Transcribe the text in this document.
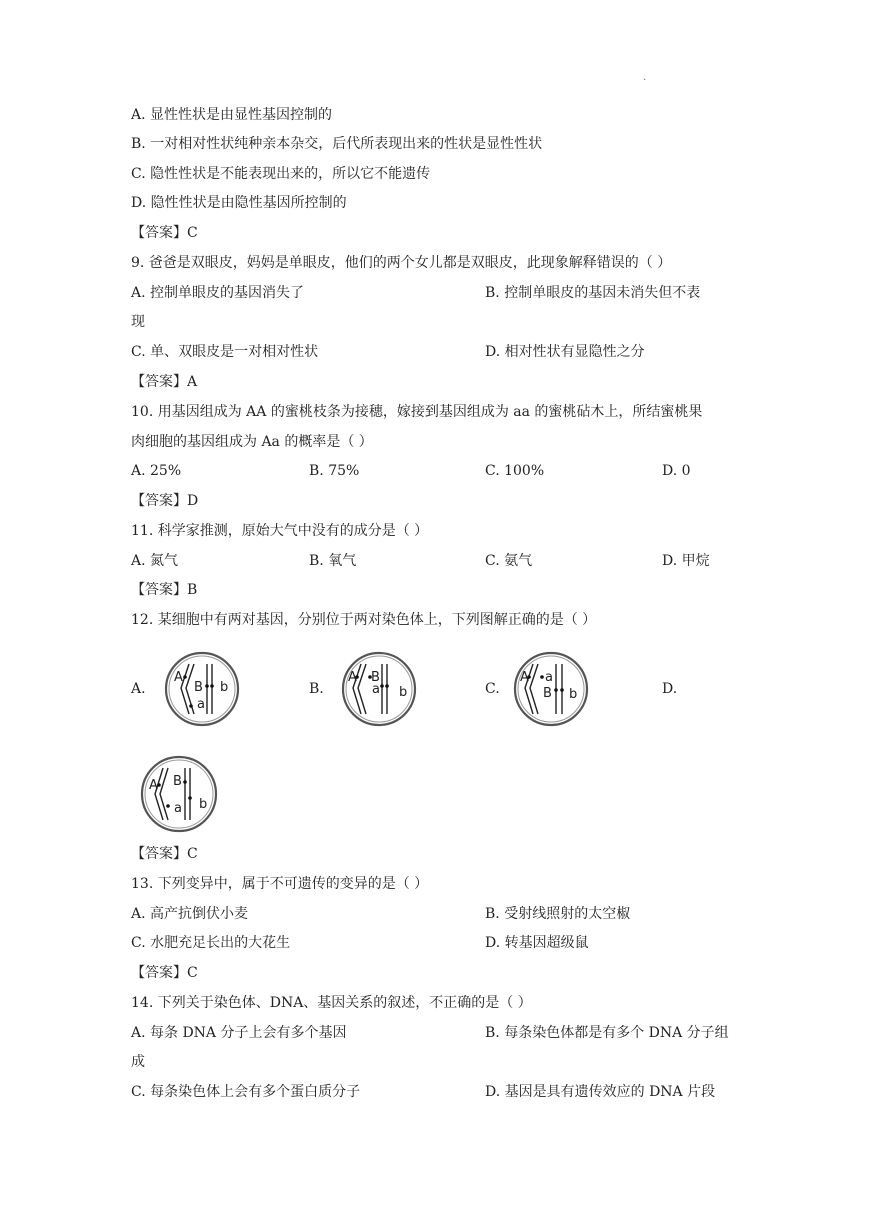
.
A. 显性性状是由显性基因控制的
B. 一对相对性状纯种亲本杂交，后代所表现出来的性状是显性性状
C. 隐性性状是不能表现出来的，所以它不能遗传
D. 隐性性状是由隐性基因所控制的
【答案】C
9. 爸爸是双眼皮，妈妈是单眼皮，他们的两个女儿都是双眼皮，此现象解释错误的（ ）
A. 控制单眼皮的基因消失了	B. 控制单眼皮的基因未消失但不表
现
C. 单、双眼皮是一对相对性状	D. 相对性状有显隐性之分
【答案】A
10. 用基因组成为 AA 的蜜桃枝条为接穗，嫁接到基因组成为 aa 的蜜桃砧木上，所结蜜桃果
肉细胞的基因组成为 Aa 的概率是（ ）
A. 25%	B. 75%	C. 100%	D. 0
【答案】D
11. 科学家推测，原始大气中没有的成分是（ ）
A. 氮气	B. 氧气	C. 氨气	D. 甲烷
【答案】B
12. 某细胞中有两对基因，分别位于两对染色体上，下列图解正确的是（ ）
A.	B.	C.	D.
A
B
a
b
A B
a b
A a
B b
A B
a b
【答案】C
13. 下列变异中，属于不可遗传的变异的是（ ）
A. 高产抗倒伏小麦	B. 受射线照射的太空椒
C. 水肥充足长出的大花生	D. 转基因超级鼠
【答案】C
14. 下列关于染色体、DNA、基因关系的叙述，不正确的是（ ）
A. 每条 DNA 分子上会有多个基因	B. 每条染色体都是有多个 DNA 分子组
成
C. 每条染色体上会有多个蛋白质分子	D. 基因是具有遗传效应的 DNA 片段
